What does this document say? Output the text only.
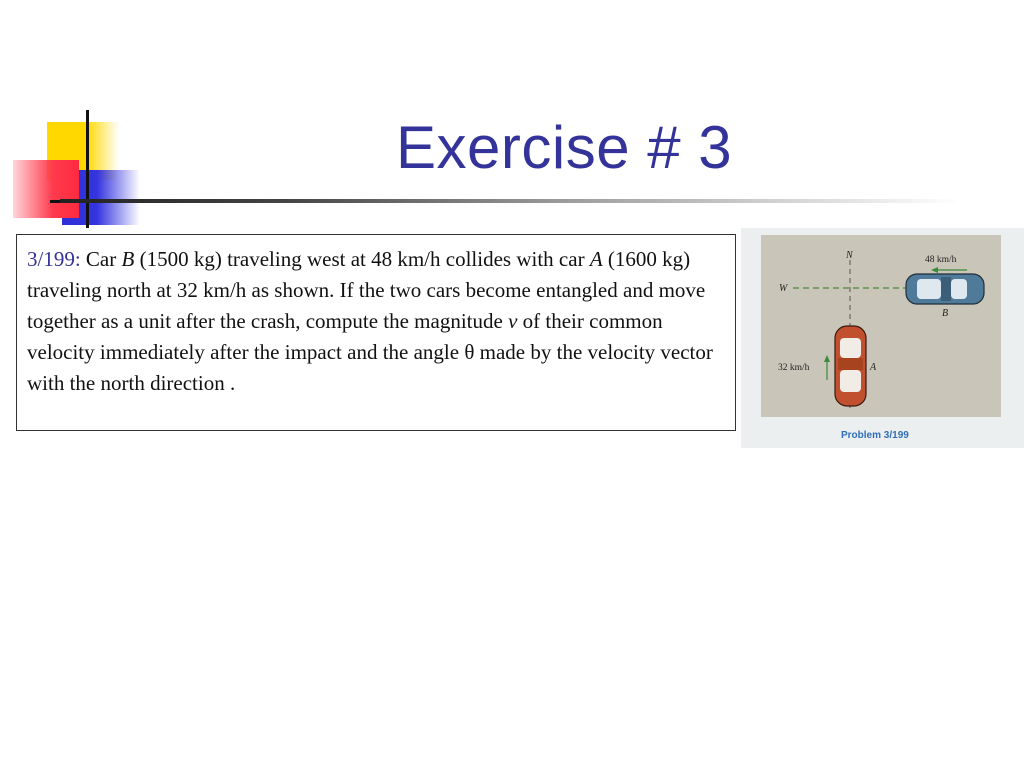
Exercise # 3
3/199: Car B (1500 kg) traveling west at 48 km/h collides with car A (1600 kg) traveling north at 32 km/h as shown. If the two cars become entangled and move together as a unit after the crash, compute the magnitude v of their common velocity immediately after the impact and the angle θ made by the velocity vector with the north direction .
N
W
48 km/h
B
32 km/h	A
Problem 3/199
